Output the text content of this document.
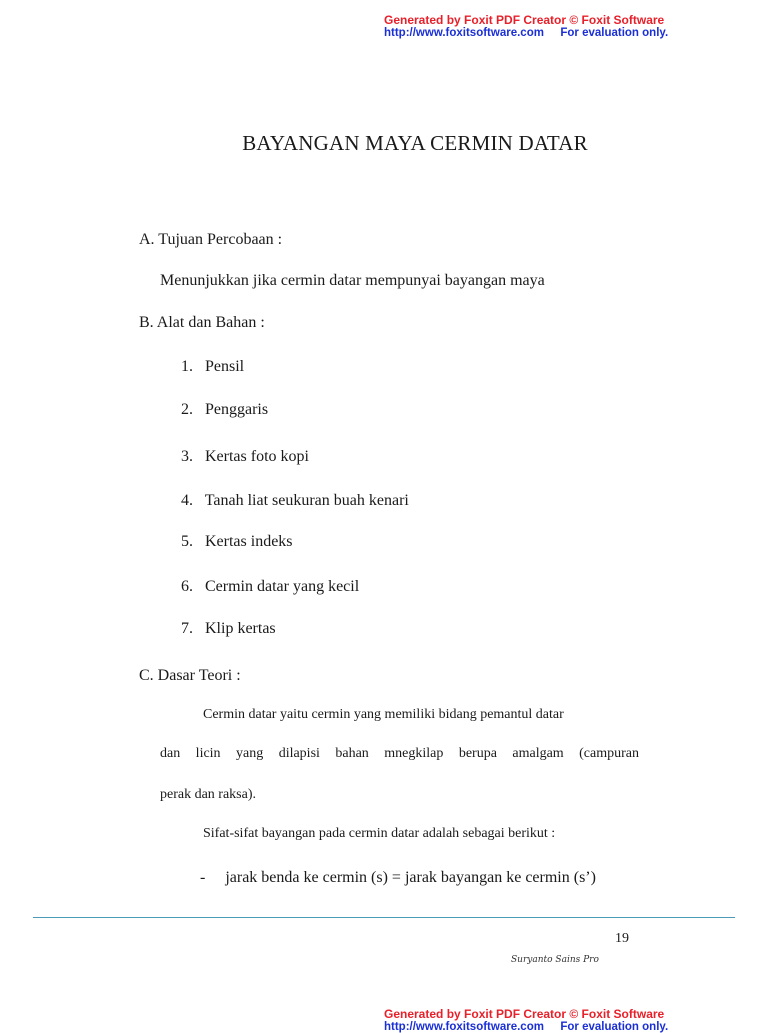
Generated by Foxit PDF Creator © Foxit Software
http://www.foxitsoftware.com For evaluation only.
BAYANGAN MAYA CERMIN DATAR
A. Tujuan Percobaan :
Menunjukkan jika cermin datar mempunyai bayangan maya
B. Alat dan Bahan :
1. Pensil
2. Penggaris
3. Kertas foto kopi
4. Tanah liat seukuran buah kenari
5. Kertas indeks
6. Cermin datar yang kecil
7. Klip kertas
C. Dasar Teori :
Cermin datar yaitu cermin yang memiliki bidang pemantul datar
dan licin yang dilapisi bahan mnegkilap berupa amalgam (campuran
perak dan raksa).
Sifat-sifat bayangan pada cermin datar adalah sebagai berikut :
- jarak benda ke cermin (s) = jarak bayangan ke cermin (s’)
19
Suryanto Sains Pro
Generated by Foxit PDF Creator © Foxit Software
http://www.foxitsoftware.com For evaluation only.
